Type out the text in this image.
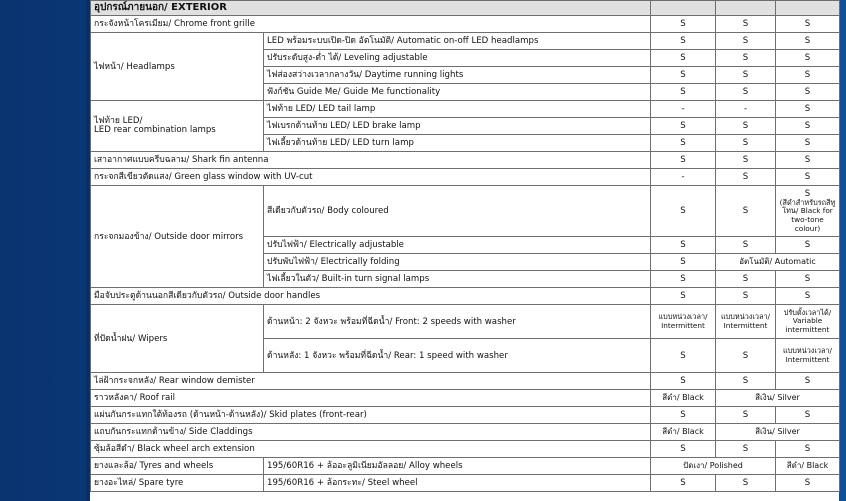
อุปกรณ์ภายนอก/ EXTERIOR				
กระจังหน้าโครเมียม/ Chrome front grille		S	S	S
ไฟหน้า/ Headlamps	LED พร้อมระบบเปิด-ปิด อัตโนมัติ/ Automatic on-off LED headlamps	S	S	S
	ปรับระดับสูง-ต่ำ ได้/ Leveling adjustable	S	S	S
	ไฟส่องสว่างเวลากลางวัน/ Daytime running lights	S	S	S
	ฟังก์ชัน Guide Me/ Guide Me functionality	S	S	S

ไฟท้าย LED/
LED rear combination lamps	ไฟท้าย LED/ LED tail lamp	-	-	S
	ไฟเบรกด้านท้าย LED/ LED brake lamp	S	S	S
	ไฟเลี้ยวด้านท้าย LED/ LED turn lamp	S	S	S
เสาอากาศแบบครีบฉลาม/ Shark fin antenna		S	S	S
กระจกสีเขียวตัดแสง/ Green glass window with UV-cut		-	S	S
กระจกมองข้าง/ Outside door mirrors	สีเดียวกับตัวรถ/ Body coloured	S	S	S
(สีดำสำหรับรถสีทูโทน/ Black for two-tone colour)

	ปรับไฟฟ้า/ Electrically adjustable	S	S	S
	ปรับพับไฟฟ้า/ Electrically folding	S	อัตโนมัติ/ Automatic	
	ไฟเลี้ยวในตัว/ Built-in turn signal lamps	S	S	S
มือจับประตูด้านนอกสีเดียวกับตัวรถ/ Outside door handles		S	S	S
ที่ปัดน้ำฝน/ Wipers	ด้านหน้า: 2 จังหวะ พร้อมที่ฉีดน้ำ/ Front: 2 speeds with washer	แบบหน่วงเวลา/ Intermittent	แบบหน่วงเวลา/ Intermittent	ปรับตั้งเวลาได้/ Variable intermittent
	ด้านหลัง: 1 จังหวะ พร้อมที่ฉีดน้ำ/ Rear: 1 speed with washer	S	S	แบบหน่วงเวลา/ Intermittent
ไล่ฝ้ากระจกหลัง/ Rear window demister		S	S	S
ราวหลังคา/ Roof rail		สีดำ/ Black	สีเงิน/ Silver	
แผ่นกันกระแทกใต้ท้องรถ (ด้านหน้า-ด้านหลัง)/ Skid plates (front-rear)		S	S	S
แถบกันกระแทกด้านข้าง/ Side Claddings		สีดำ/ Black	สีเงิน/ Silver	
ซุ้มล้อสีดำ/ Black wheel arch extension		S	S	S
ยางและล้อ/ Tyres and wheels	195/60R16 + ล้ออะลูมิเนียมอัลลอย/ Alloy wheels	ปัดเงา/ Polished		สีดำ/ Black
ยางอะไหล่/ Spare tyre	195/60R16 + ล้อกระทะ/ Steel wheel	S	S	S
